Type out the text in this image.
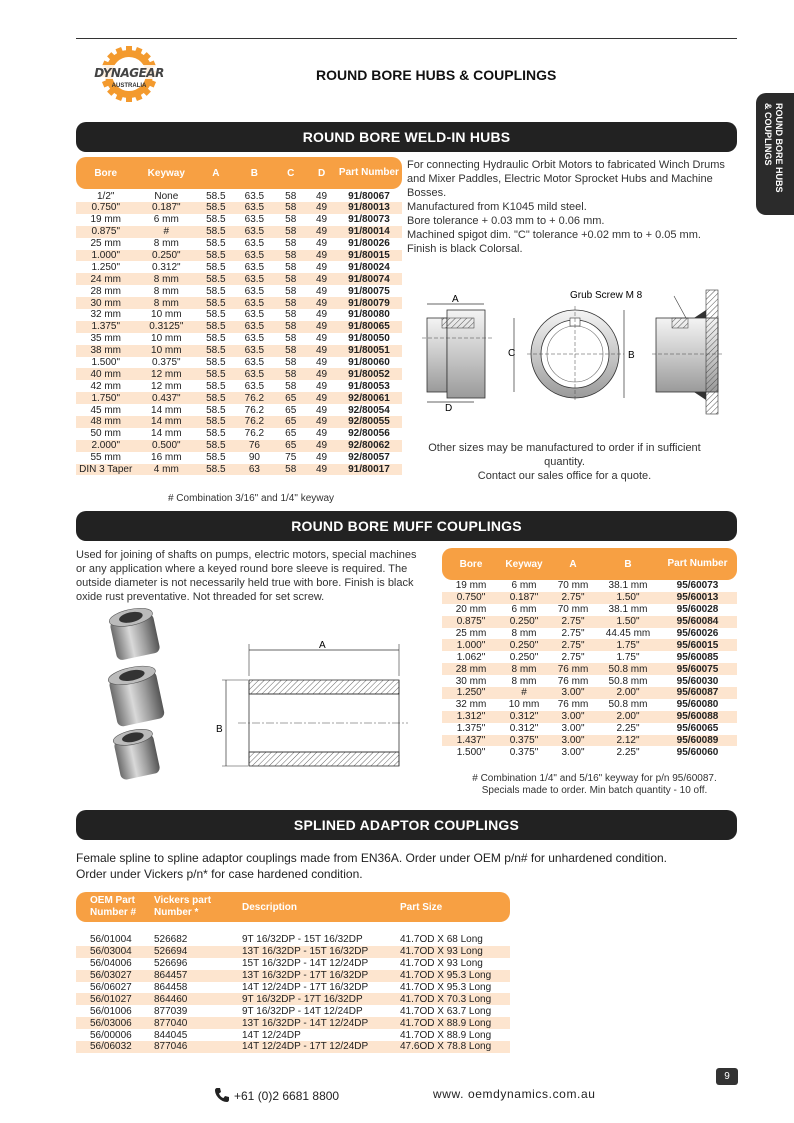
DYNAGEAR
AUSTRALIA
ROUND BORE HUBS & COUPLINGS
ROUND BORE HUBS
& COUPLINGS
ROUND BORE WELD-IN HUBS
Bore	Keyway	A	B	C	D	Part Number
1/2"	None	58.5	63.5	58	49	91/80067
0.750"	0.187"	58.5	63.5	58	49	91/80013
19 mm	6 mm	58.5	63.5	58	49	91/80073
0.875"	#	58.5	63.5	58	49	91/80014
25 mm	8 mm	58.5	63.5	58	49	91/80026
1.000"	0.250"	58.5	63.5	58	49	91/80015
1.250"	0.312"	58.5	63.5	58	49	91/80024
24 mm	8 mm	58.5	63.5	58	49	91/80074
28 mm	8 mm	58.5	63.5	58	49	91/80075
30 mm	8 mm	58.5	63.5	58	49	91/80079
32 mm	10 mm	58.5	63.5	58	49	91/80080
1.375"	0.3125"	58.5	63.5	58	49	91/80065
35 mm	10 mm	58.5	63.5	58	49	91/80050
38 mm	10 mm	58.5	63.5	58	49	91/80051
1.500"	0.375"	58.5	63.5	58	49	91/80060
40 mm	12 mm	58.5	63.5	58	49	91/80052
42 mm	12 mm	58.5	63.5	58	49	91/80053
1.750"	0.437"	58.5	76.2	65	49	92/80061
45 mm	14 mm	58.5	76.2	65	49	92/80054
48 mm	14 mm	58.5	76.2	65	49	92/80055
50 mm	14 mm	58.5	76.2	65	49	92/80056
2.000"	0.500"	58.5	76	65	49	92/80062
55 mm	16 mm	58.5	90	75	49	92/80057
DIN 3 Taper	4 mm	58.5	63	58	49	91/80017
# Combination 3/16" and 1/4" keyway
For connecting Hydraulic Orbit Motors to fabricated Winch Drums
and Mixer Paddles, Electric Motor Sprocket Hubs and Machine
Bosses.
Manufactured from K1045 mild steel.
Bore tolerance + 0.03 mm to + 0.06 mm.
Machined spigot dim. "C" tolerance +0.02 mm to + 0.05 mm.
Finish is black Colorsal.
A
C
D
B
Grub Screw M 8
Other sizes may be manufactured to order if in sufficient
quantity.
Contact our sales office for a quote.
ROUND BORE MUFF COUPLINGS
Used for joining of shafts on pumps, electric motors, special machines
or any application where a keyed round bore sleeve is required. The
outside diameter is not necessarily held true with bore. Finish is black
oxide rust preventative. Not threaded for set screw.
A
B
Bore	Keyway	A	B	Part Number
19 mm	6 mm	70 mm	38.1 mm	95/60073
0.750"	0.187"	2.75"	1.50"	95/60013
20 mm	6 mm	70 mm	38.1 mm	95/60028
0.875"	0.250"	2.75"	1.50"	95/60084
25 mm	8 mm	2.75"	44.45 mm	95/60026
1.000"	0.250"	2.75"	1.75"	95/60015
1.062"	0.250"	2.75"	1.75"	95/60085
28 mm	8 mm	76 mm	50.8 mm	95/60075
30 mm	8 mm	76 mm	50.8 mm	95/60030
1.250"	#	3.00"	2.00"	95/60087
32 mm	10 mm	76 mm	50.8 mm	95/60080
1.312"	0.312"	3.00"	2.00"	95/60088
1.375"	0.312"	3.00"	2.25"	95/60065
1.437"	0.375"	3.00"	2.12"	95/60089
1.500"	0.375"	3.00"	2.25"	95/60060
# Combination 1/4" and 5/16" keyway for p/n 95/60087.
Specials made to order. Min batch quantity - 10 off.
SPLINED ADAPTOR COUPLINGS
Female spline to spline adaptor couplings made from EN36A. Order under OEM p/n# for unhardened condition.
Order under Vickers p/n* for case hardened condition.
OEM Part Number #	Vickers part Number *	Description	Part Size

56/01004	526682	9T 16/32DP - 15T 16/32DP	41.7OD X 68 Long
56/03004	526694	13T 16/32DP - 15T 16/32DP	41.7OD X 93 Long
56/04006	526696	15T 16/32DP - 14T 12/24DP	41.7OD X 93 Long
56/03027	864457	13T 16/32DP - 17T 16/32DP	41.7OD X 95.3 Long
56/06027	864458	14T 12/24DP - 17T 16/32DP	41.7OD X 95.3 Long
56/01027	864460	9T 16/32DP - 17T 16/32DP	41.7OD X 70.3 Long
56/01006	877039	9T 16/32DP - 14T 12/24DP	41.7OD X 63.7 Long
56/03006	877040	13T 16/32DP - 14T 12/24DP	41.7OD X 88.9 Long
56/00006	844045	14T 12/24DP	41.7OD X 88.9 Long
56/06032	877046	14T 12/24DP - 17T 12/24DP	47.6OD X 78.8 Long
9
+61 (0)2 6681 8800	www. oemdynamics.com.au
